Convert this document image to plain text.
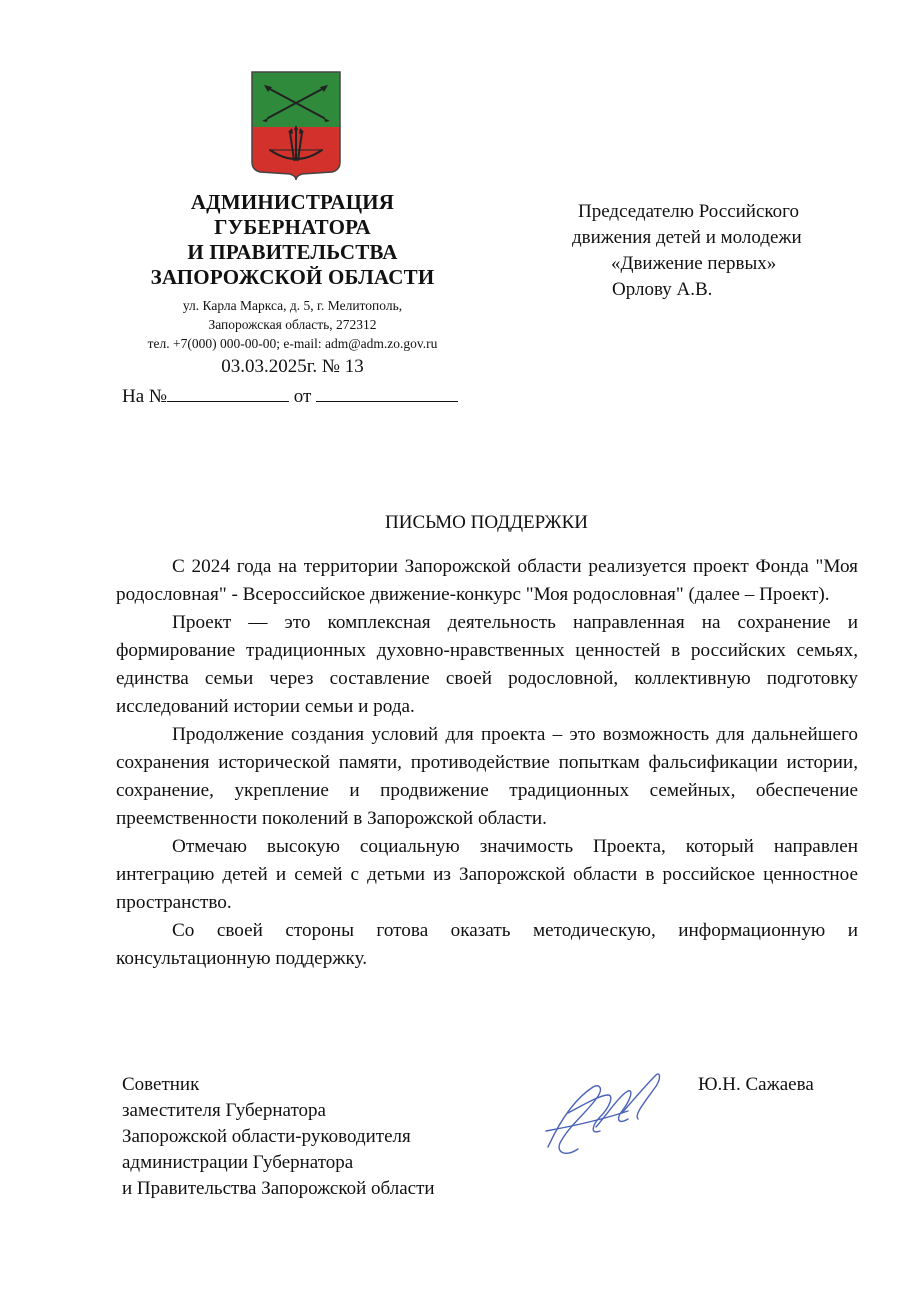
АДМИНИСТРАЦИЯ
ГУБЕРНАТОРА
И ПРАВИТЕЛЬСТВА
ЗАПОРОЖСКОЙ ОБЛАСТИ
ул. Карла Маркса, д. 5, г. Мелитополь,
Запорожская область, 272312
тел. +7(000) 000-00-00; e-mail: adm@adm.zo.gov.ru
03.03.2025г. № 13
На №	от
Председателю Российского
движения детей и молодежи
«Движение первых»
Орлову А.В.
ПИСЬМО ПОДДЕРЖКИ

С 2024 года на территории Запорожской области реализуется проект Фонда "Моя родословная" - Всероссийское движение-конкурс "Моя родословная" (далее – Проект).

Проект — это комплексная деятельность направленная на сохранение и формирование традиционных духовно-нравственных ценностей в российских семьях, единства семьи через составление своей родословной, коллективную подготовку исследований истории семьи и рода.

Продолжение создания условий для проекта – это возможность для дальнейшего сохранения исторической памяти, противодействие попыткам фальсификации истории, сохранение, укрепление и продвижение традиционных семейных, обеспечение преемственности поколений в Запорожской области.

Отмечаю высокую социальную значимость Проекта, который направлен интеграцию детей и семей с детьми из Запорожской области в российское ценностное пространство.

Со своей стороны готова оказать методическую, информационную и консультационную поддержку.

Советник
заместителя Губернатора
Запорожской области-руководителя
администрации Губернатора
и Правительства Запорожской области
Ю.Н. Сажаева
